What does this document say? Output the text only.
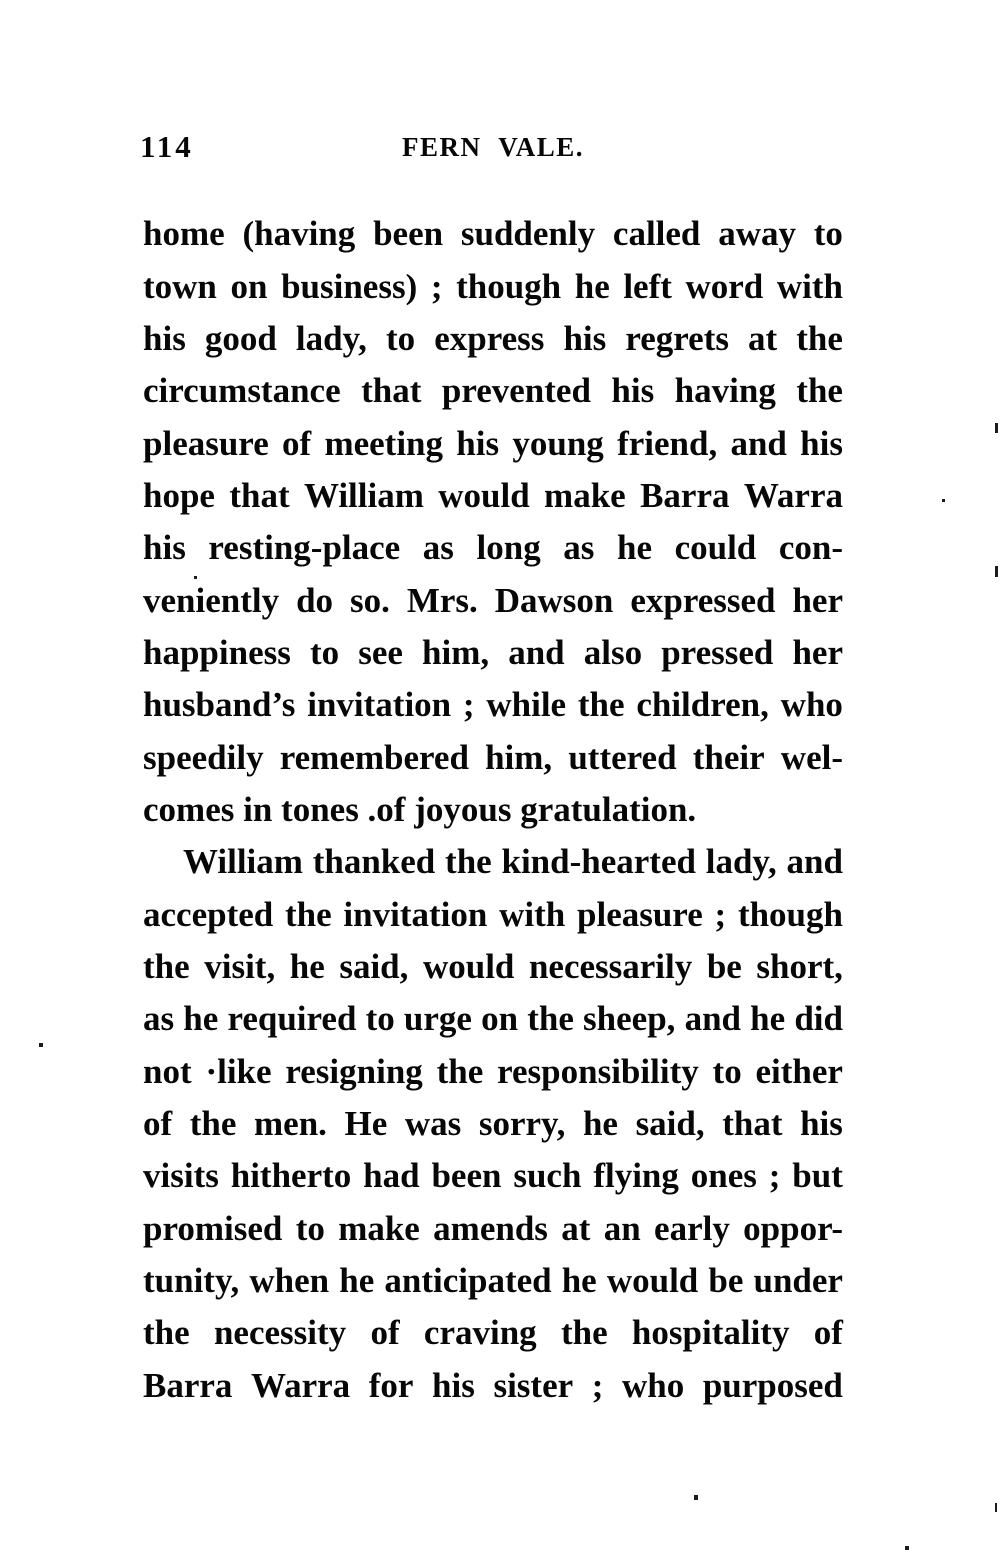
114	FERN VALE.
home (having been suddenly called away to
town on business) ; though he left word with
his good lady, to express his regrets at the
circumstance that prevented his having the
pleasure of meeting his young friend, and his
hope that William would make Barra Warra
his resting-place as long as he could con-
veniently do so. Mrs. Dawson expressed her
happiness to see him, and also pressed her
husband’s invitation ; while the children, who
speedily remembered him, uttered their wel-
comes in tones .of joyous gratulation.
William thanked the kind-hearted lady, and
accepted the invitation with pleasure ; though
the visit, he said, would necessarily be short,
as he required to urge on the sheep, and he did
not ·like resigning the responsibility to either
of the men. He was sorry, he said, that his
visits hitherto had been such flying ones ; but
promised to make amends at an early oppor-
tunity, when he anticipated he would be under
the necessity of craving the hospitality of
Barra Warra for his sister ; who purposed
